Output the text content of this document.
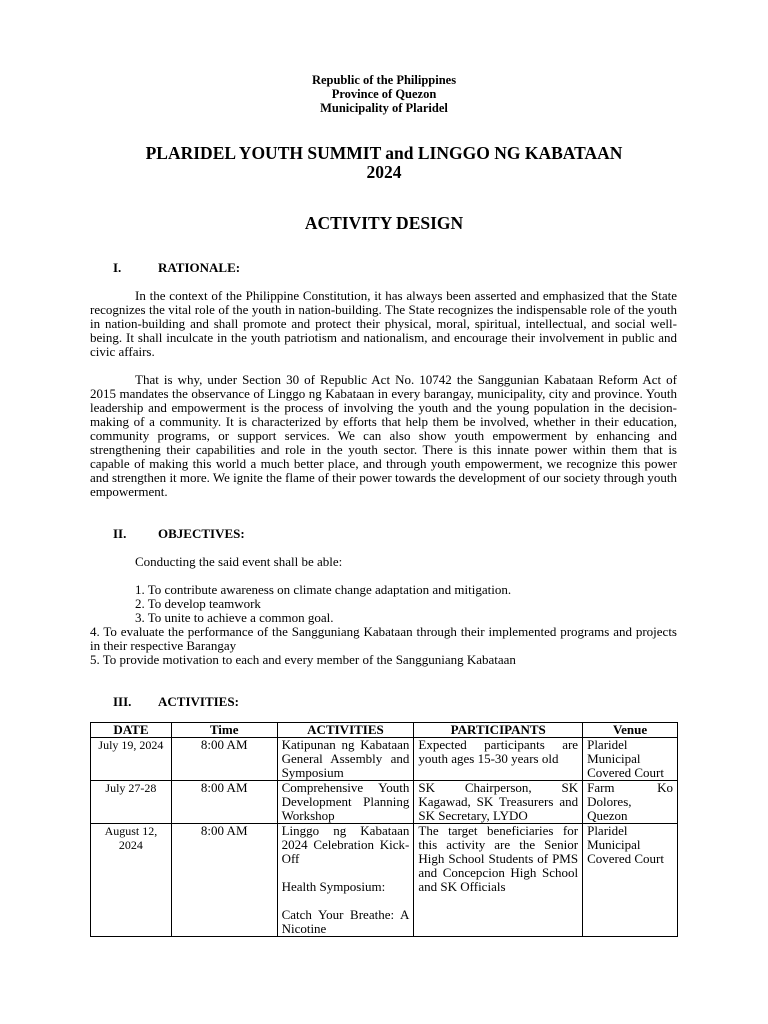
Republic of the Philippines
Province of Quezon
Municipality of Plaridel
PLARIDEL YOUTH SUMMIT and LINGGO NG KABATAAN
2024
ACTIVITY DESIGN
I.	RATIONALE:

In the context of the Philippine Constitution, it has always been asserted and emphasized that the State recognizes the vital role of the youth in nation-building. The State recognizes the indispensable role of the youth in nation-building and shall promote and protect their physical, moral, spiritual, intellectual, and social well-being. It shall inculcate in the youth patriotism and nationalism, and encourage their involvement in public and civic affairs.

That is why, under Section 30 of Republic Act No. 10742 the Sanggunian Kabataan Reform Act of 2015 mandates the observance of Linggo ng Kabataan in every barangay, municipality, city and province. Youth leadership and empowerment is the process of involving the youth and the young population in the decision-making of a community. It is characterized by efforts that help them be involved, whether in their education, community programs, or support services. We can also show youth empowerment by enhancing and strengthening their capabilities and role in the youth sector. There is this innate power within them that is capable of making this world a much better place, and through youth empowerment, we recognize this power and strengthen it more. We ignite the flame of their power towards the development of our society through youth empowerment.

II. OBJECTIVES:

Conducting the said event shall be able:

1. To contribute awareness on climate change adaptation and mitigation.

2. To develop teamwork

3. To unite to achieve a common goal.

4. To evaluate the performance of the Sangguniang Kabataan through their implemented programs and projects in their respective Barangay

5. To provide motivation to each and every member of the Sangguniang Kabataan

III. ACTIVITIES:
DATE	Time	ACTIVITIES	PARTICIPANTS	Venue
July 19, 2024	8:00 AM	Katipunan ng Kabataan General Assembly and Symposium	Expected participants are youth ages 15-30 years old	Plaridel Municipal Covered Court
July 27-28	8:00 AM	Comprehensive Youth Development Planning Workshop	SK Chairperson, SK Kagawad, SK Treasurers and SK Secretary, LYDO	Farm Ko Dolores, Quezon
August 12, 2024	8:00 AM	Linggo ng Kabataan 2024 Celebration Kick-Off
Health Symposium:
Catch Your Breathe: A Nicotine	The target beneficiaries for this activity are the Senior High School Students of PMS and Concepcion High School and SK Officials	Plaridel Municipal Covered Court
